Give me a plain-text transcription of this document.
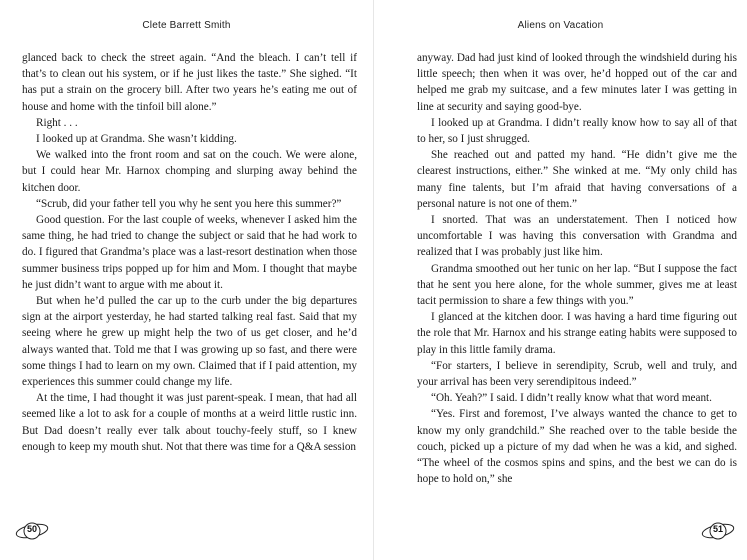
Clete Barrett Smith

glanced back to check the street again. “And the bleach. I can’t tell if that’s to clean out his system, or if he just likes the taste.” She sighed. “It has put a strain on the grocery bill. After two years he’s eating me out of house and home with the tinfoil bill alone.”

Right . . .

I looked up at Grandma. She wasn’t kidding.

We walked into the front room and sat on the couch. We were alone, but I could hear Mr. Harnox chomping and slurping away behind the kitchen door.

“Scrub, did your father tell you why he sent you here this summer?”

Good question. For the last couple of weeks, whenever I asked him the same thing, he had tried to change the subject or said that he had work to do. I figured that Grandma’s place was a last-resort destination when those summer business trips popped up for him and Mom. I thought that maybe he just didn’t want to argue with me about it.

But when he’d pulled the car up to the curb under the big departures sign at the airport yesterday, he had started talking real fast. Said that my seeing where he grew up might help the two of us get closer, and he’d always wanted that. Told me that I was growing up so fast, and there were some things I had to learn on my own. Claimed that if I paid attention, my experiences this summer could change my life.

At the time, I had thought it was just parent-speak. I mean, that had all seemed like a lot to ask for a couple of months at a weird little rustic inn. But Dad doesn’t really ever talk about touchy-feely stuff, so I knew enough to keep my mouth shut. Not that there was time for a Q&A session

50
Aliens on Vacation

anyway. Dad had just kind of looked through the windshield during his little speech; then when it was over, he’d hopped out of the car and helped me grab my suitcase, and a few minutes later I was getting in line at security and saying good-bye.

I looked up at Grandma. I didn’t really know how to say all of that to her, so I just shrugged.

She reached out and patted my hand. “He didn’t give me the clearest instructions, either.” She winked at me. “My only child has many fine talents, but I’m afraid that having conversations of a personal nature is not one of them.”

I snorted. That was an understatement. Then I noticed how uncomfortable I was having this conversation with Grandma and realized that I was probably just like him.

Grandma smoothed out her tunic on her lap. “But I suppose the fact that he sent you here alone, for the whole summer, gives me at least tacit permission to share a few things with you.”

I glanced at the kitchen door. I was having a hard time figuring out the role that Mr. Harnox and his strange eating habits were supposed to play in this little family drama.

“For starters, I believe in serendipity, Scrub, well and truly, and your arrival has been very serendipitous indeed.”

“Oh. Yeah?” I said. I didn’t really know what that word meant.

“Yes. First and foremost, I’ve always wanted the chance to get to know my only grandchild.” She reached over to the table beside the couch, picked up a picture of my dad when he was a kid, and sighed. “The wheel of the cosmos spins and spins, and the best we can do is hope to hold on,” she

51
